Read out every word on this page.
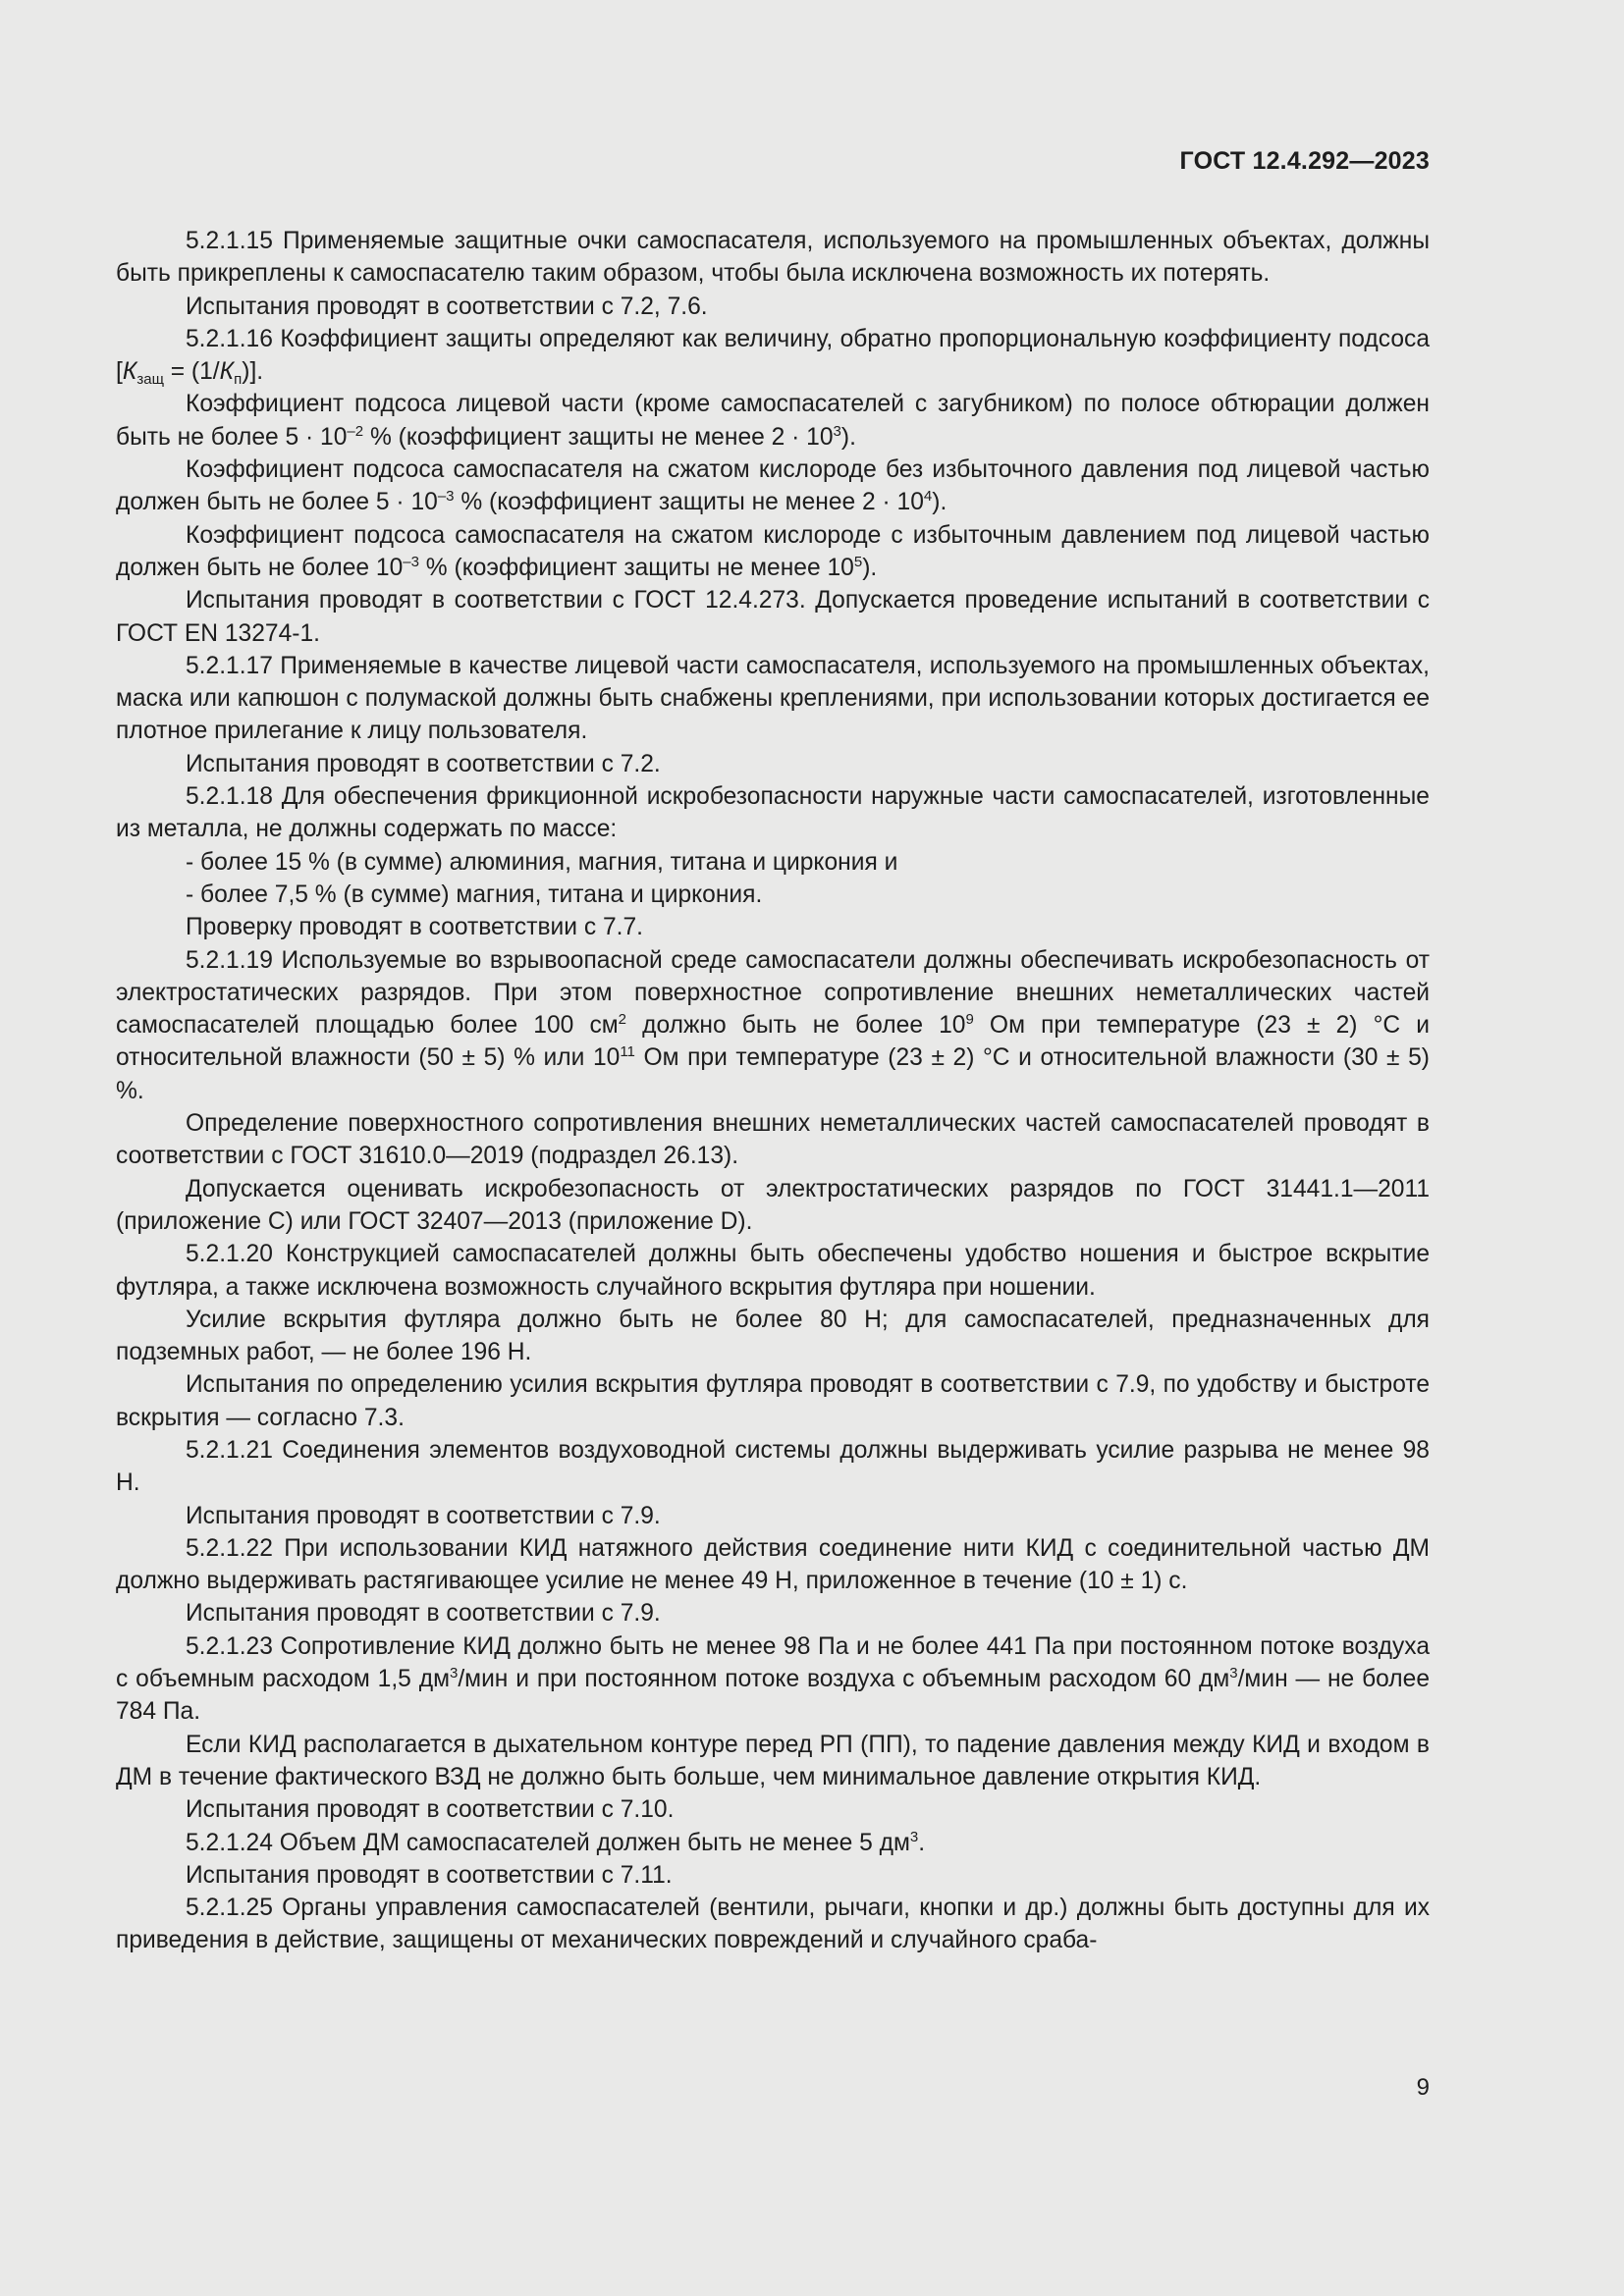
ГОСТ 12.4.292—2023

5.2.1.15 Применяемые защитные очки самоспасателя, используемого на промышленных объектах, должны быть прикреплены к самоспасателю таким образом, чтобы была исключена возможность их потерять.

Испытания проводят в соответствии с 7.2, 7.6.

5.2.1.16 Коэффициент защиты определяют как величину, обратно пропорциональную коэффициенту подсоса $[К_{защ} = (1/К_п)]$.

Коэффициент подсоса лицевой части (кроме самоспасателей с загубником) по полосе обтюрации должен быть не более $5 \cdot 10^{-2}$ % (коэффициент защиты не менее $2 \cdot 10^3$).

Коэффициент подсоса самоспасателя на сжатом кислороде без избыточного давления под лицевой частью должен быть не более $5 \cdot 10^{-3}$ % (коэффициент защиты не менее $2 \cdot 10^4$).

Коэффициент подсоса самоспасателя на сжатом кислороде с избыточным давлением под лицевой частью должен быть не более $10^{-3}$ % (коэффициент защиты не менее $10^5$).

Испытания проводят в соответствии с ГОСТ 12.4.273. Допускается проведение испытаний в соответствии с ГОСТ EN 13274-1.

5.2.1.17 Применяемые в качестве лицевой части самоспасателя, используемого на промышленных объектах, маска или капюшон с полумаской должны быть снабжены креплениями, при использовании которых достигается ее плотное прилегание к лицу пользователя.

Испытания проводят в соответствии с 7.2.

5.2.1.18 Для обеспечения фрикционной искробезопасности наружные части самоспасателей, изготовленные из металла, не должны содержать по массе:

- более 15 % (в сумме) алюминия, магния, титана и циркония и

- более 7,5 % (в сумме) магния, титана и циркония.

Проверку проводят в соответствии с 7.7.

5.2.1.19 Используемые во взрывоопасной среде самоспасатели должны обеспечивать искробезопасность от электростатических разрядов. При этом поверхностное сопротивление внешних неметаллических частей самоспасателей площадью более 100 $см^2$ должно быть не более $10^9$ Ом при температуре (23 ± 2) °С и относительной влажности (50 ± 5) % или $10^{11}$ Ом при температуре (23 ± 2) °С и относительной влажности (30 ± 5) %.

Определение поверхностного сопротивления внешних неметаллических частей самоспасателей проводят в соответствии с ГОСТ 31610.0—2019 (подраздел 26.13).

Допускается оценивать искробезопасность от электростатических разрядов по ГОСТ 31441.1—2011 (приложение С) или ГОСТ 32407—2013 (приложение D).

5.2.1.20 Конструкцией самоспасателей должны быть обеспечены удобство ношения и быстрое вскрытие футляра, а также исключена возможность случайного вскрытия футляра при ношении.

Усилие вскрытия футляра должно быть не более 80 Н; для самоспасателей, предназначенных для подземных работ, — не более 196 Н.

Испытания по определению усилия вскрытия футляра проводят в соответствии с 7.9, по удобству и быстроте вскрытия — согласно 7.3.

5.2.1.21 Соединения элементов воздуховодной системы должны выдерживать усилие разрыва не менее 98 Н.

Испытания проводят в соответствии с 7.9.

5.2.1.22 При использовании КИД натяжного действия соединение нити КИД с соединительной частью ДМ должно выдерживать растягивающее усилие не менее 49 Н, приложенное в течение (10 ± 1) с.

Испытания проводят в соответствии с 7.9.

5.2.1.23 Сопротивление КИД должно быть не менее 98 Па и не более 441 Па при постоянном потоке воздуха с объемным расходом 1,5 $дм^3$/мин и при постоянном потоке воздуха с объемным расходом 60 $дм^3$/мин — не более 784 Па.

Если КИД располагается в дыхательном контуре перед РП (ПП), то падение давления между КИД и входом в ДМ в течение фактического ВЗД не должно быть больше, чем минимальное давление открытия КИД.

Испытания проводят в соответствии с 7.10.

5.2.1.24 Объем ДМ самоспасателей должен быть не менее 5 $дм^3$.

Испытания проводят в соответствии с 7.11.

5.2.1.25 Органы управления самоспасателей (вентили, рычаги, кнопки и др.) должны быть доступны для их приведения в действие, защищены от механических повреждений и случайного сраба-

9
